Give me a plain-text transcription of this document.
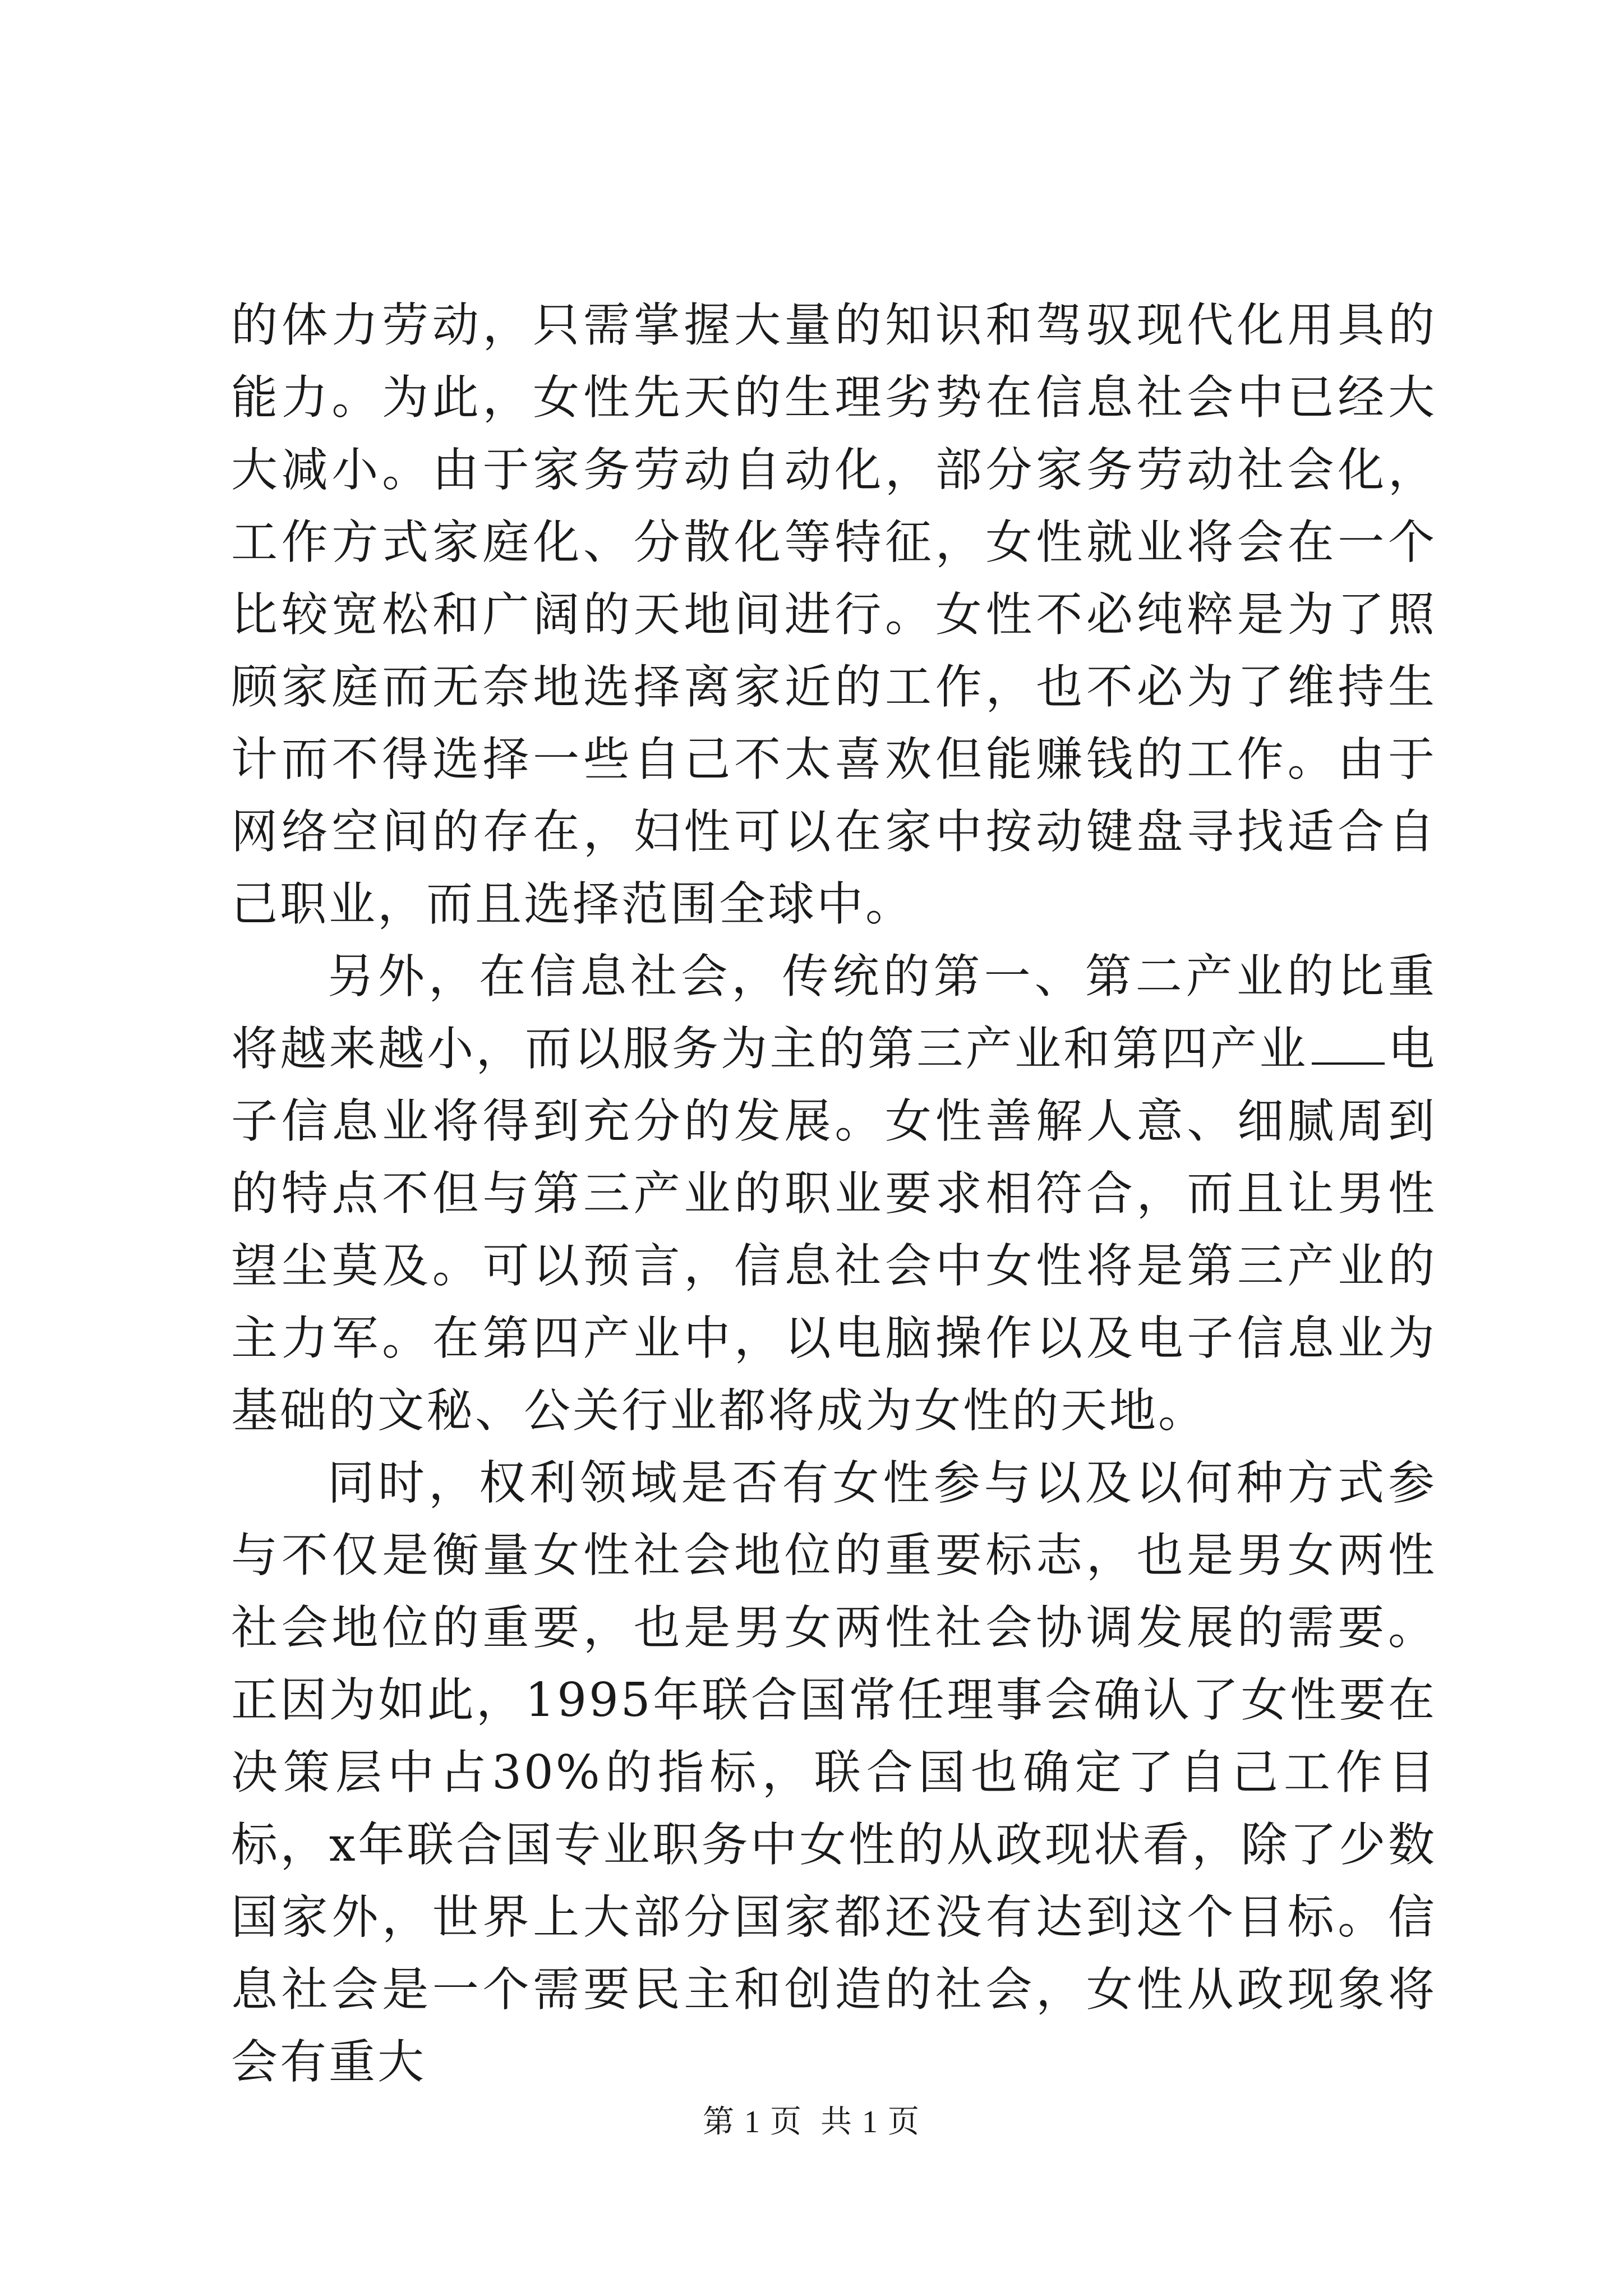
的体力劳动，只需掌握大量的知识和驾驭现代化用具的能力。为此，女性先天的生理劣势在信息社会中已经大大减小。由于家务劳动自动化，部分家务劳动社会化，工作方式家庭化、分散化等特征，女性就业将会在一个比较宽松和广阔的天地间进行。女性不必纯粹是为了照顾家庭而无奈地选择离家近的工作，也不必为了维持生计而不得选择一些自己不太喜欢但能赚钱的工作。由于网络空间的存在，妇性可以在家中按动键盘寻找适合自己职业，而且选择范围全球中。

另外，在信息社会，传统的第一、第二产业的比重将越来越小，而以服务为主的第三产业和第四产业 电子信息业将得到充分的发展。女性善解人意、细腻周到的特点不但与第三产业的职业要求相符合，而且让男性望尘莫及。可以预言，信息社会中女性将是第三产业的主力军。在第四产业中，以电脑操作以及电子信息业为基础的文秘、公关行业都将成为女性的天地。

同时，权利领域是否有女性参与以及以何种方式参与不仅是衡量女性社会地位的重要标志，也是男女两性社会地位的重要，也是男女两性社会协调发展的需要。正因为如此，1995年联合国常任理事会确认了女性要在决策层中占30%的指标，联合国也确定了自己工作目标，x年联合国专业职务中女性的从政现状看，除了少数国家外，世界上大部分国家都还没有达到这个目标。信息社会是一个需要民主和创造的社会，女性从政现象将会有重大

第 1 页 共 1 页
